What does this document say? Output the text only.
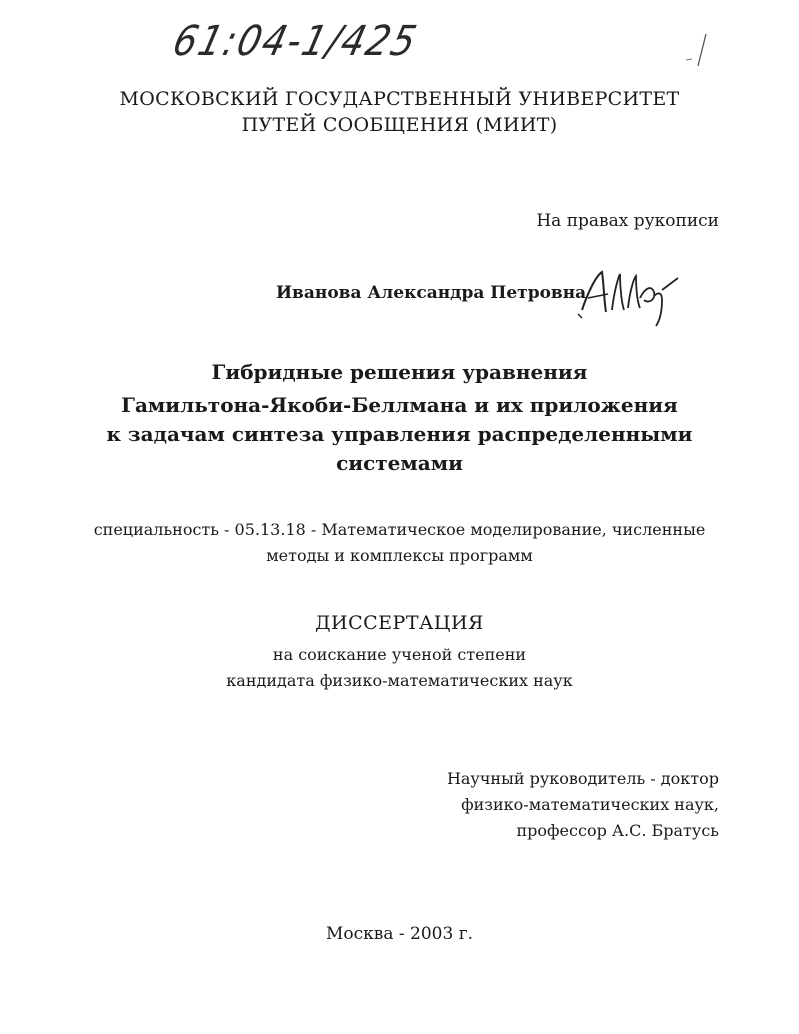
61:04-1/425
МОСКОВСКИЙ ГОСУДАРСТВЕННЫЙ УНИВЕРСИТЕТ
ПУТЕЙ СООБЩЕНИЯ (МИИТ)
На правах рукописи
Иванова Александра Петровна
Гибридные решения уравнения
Гамильтона-Якоби-Беллмана и их приложения
к задачам синтеза управления распределенными
системами
специальность - 05.13.18 - Математическое моделирование, численные
методы и комплексы программ
ДИССЕРТАЦИЯ
на соискание ученой степени
кандидата физико-математических наук
Научный руководитель - доктор
физико-математических наук,
профессор А.С. Братусь
Москва - 2003 г.
